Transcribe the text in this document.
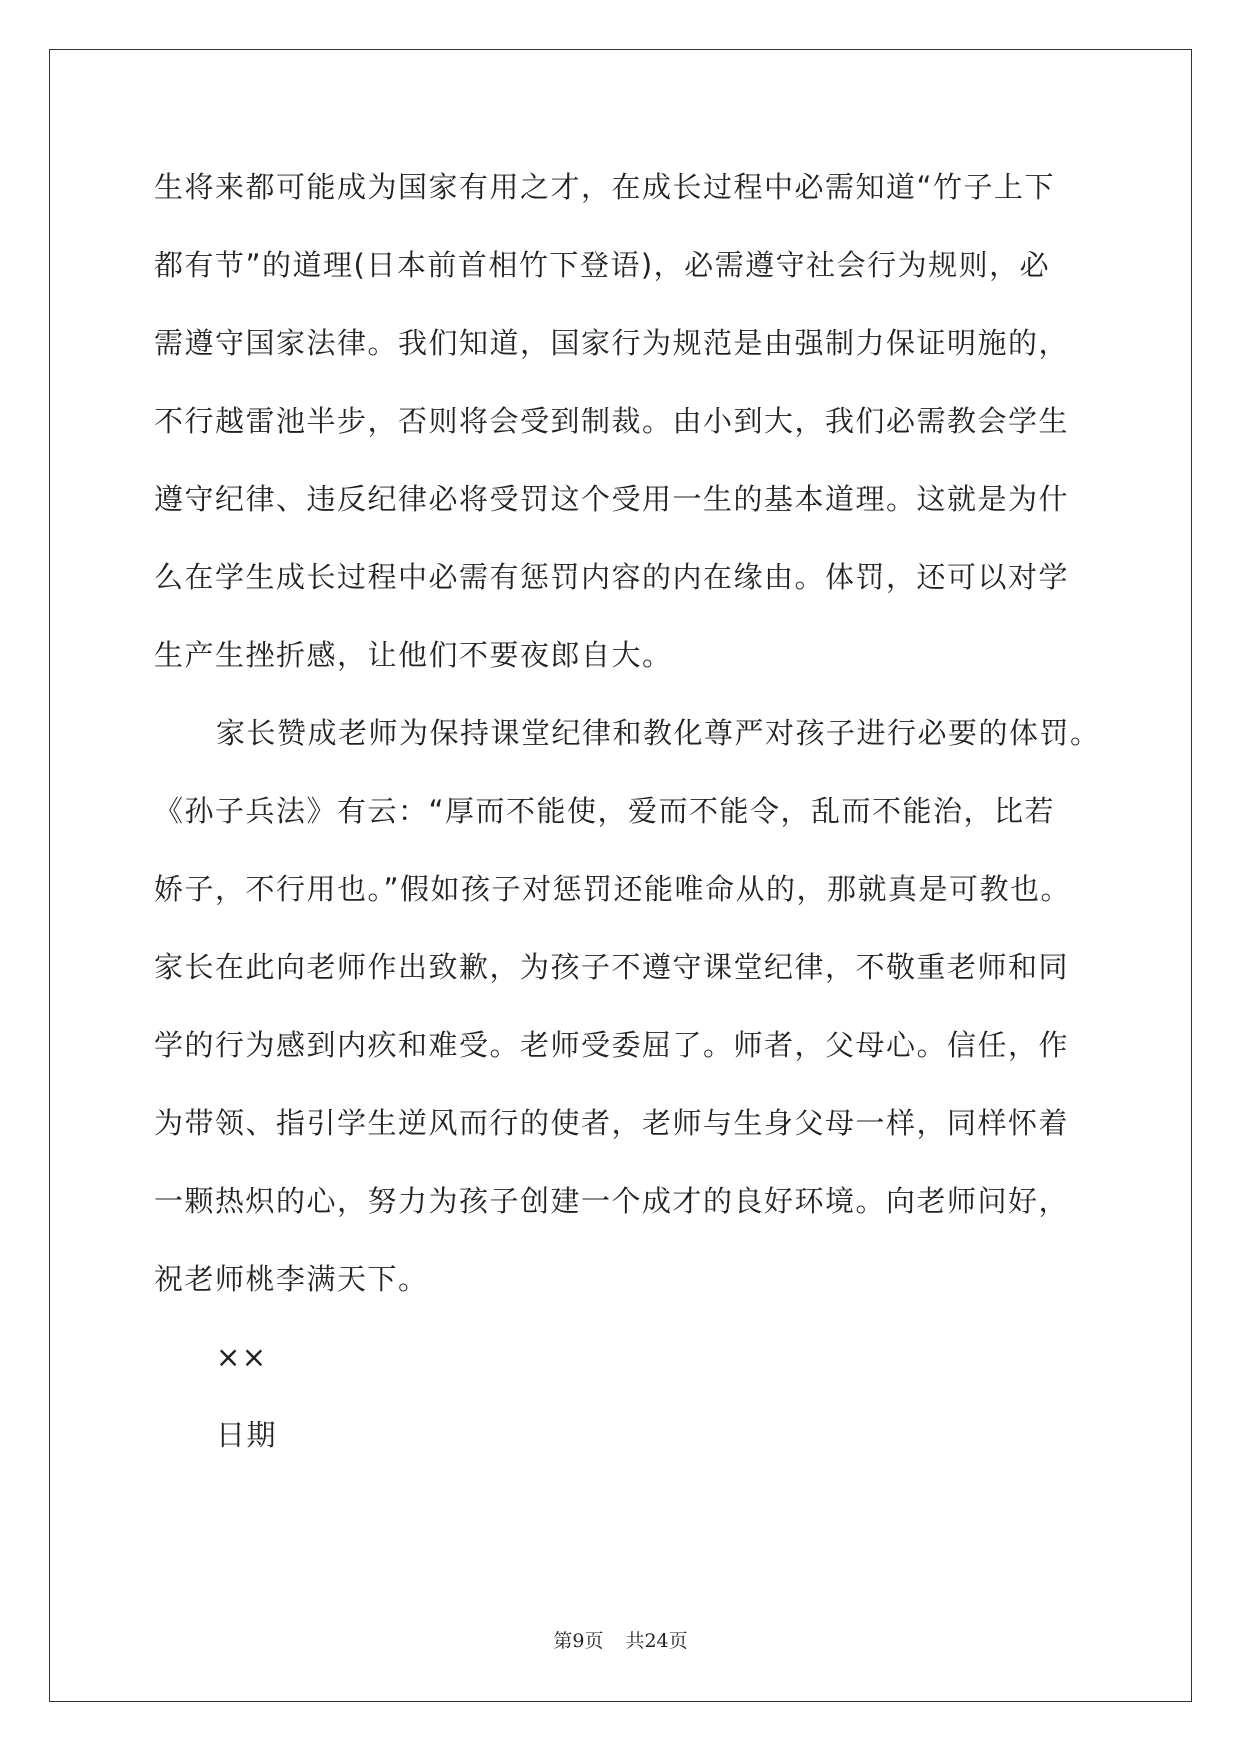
生将来都可能成为国家有用之才，在成长过程中必需知道“竹子上下
都有节”的道理(日本前首相竹下登语)，必需遵守社会行为规则，必
需遵守国家法律。我们知道，国家行为规范是由强制力保证明施的，
不行越雷池半步，否则将会受到制裁。由小到大，我们必需教会学生
遵守纪律、违反纪律必将受罚这个受用一生的基本道理。这就是为什
么在学生成长过程中必需有惩罚内容的内在缘由。体罚，还可以对学
生产生挫折感，让他们不要夜郎自大。
家长赞成老师为保持课堂纪律和教化尊严对孩子进行必要的体罚。
《孙子兵法》有云：“厚而不能使，爱而不能令，乱而不能治，比若
娇子，不行用也。”假如孩子对惩罚还能唯命从的，那就真是可教也。
家长在此向老师作出致歉，为孩子不遵守课堂纪律，不敬重老师和同
学的行为感到内疚和难受。老师受委屈了。师者，父母心。信任，作
为带领、指引学生逆风而行的使者，老师与生身父母一样，同样怀着
一颗热炽的心，努力为孩子创建一个成才的良好环境。向老师问好，
祝老师桃李满天下。
××
日期
第9页 共24页
